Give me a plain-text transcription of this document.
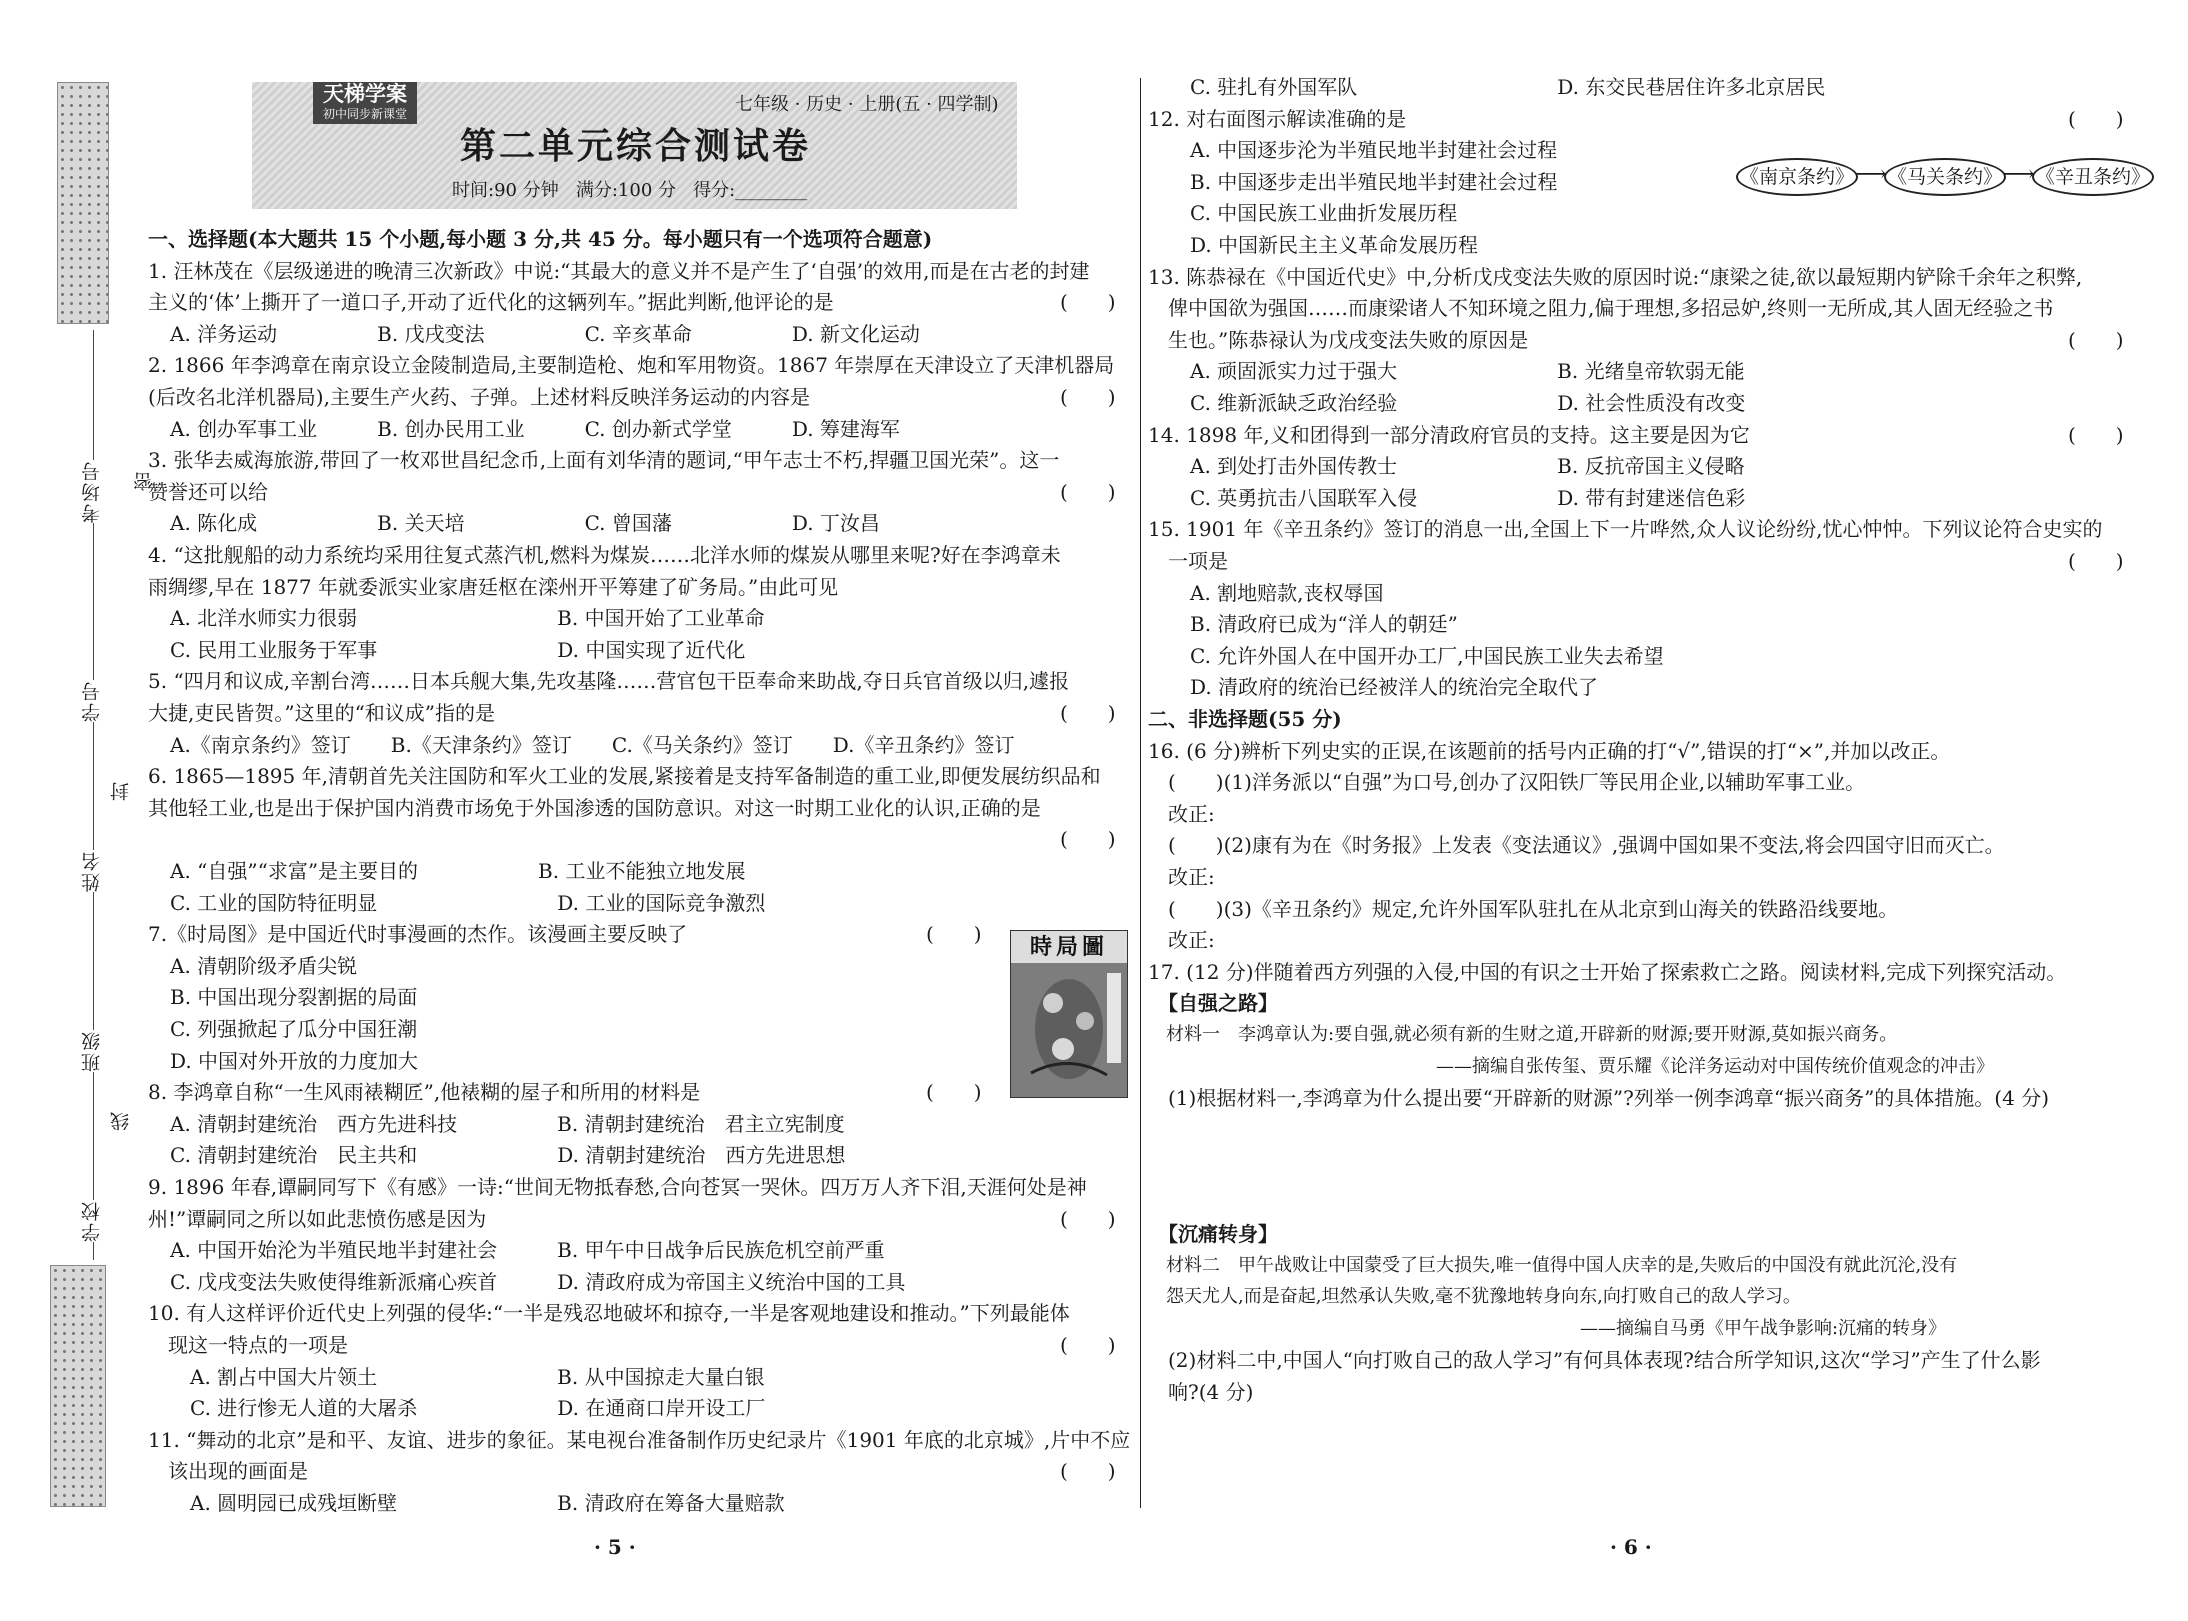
考场号 密
学号
封
姓名
班级
线
学校
天梯学案
初中同步新课堂	七年级 · 历史 · 上册(五 · 四学制)
第二单元综合测试卷
时间:90 分钟   满分:100 分   得分:________
一、选择题(本大题共 15 个小题,每小题 3 分,共 45 分。每小题只有一个选项符合题意)
1. 汪林茂在《层级递进的晚清三次新政》中说:“其最大的意义并不是产生了‘自强’的效用,而是在古老的封建
主义的‘体’上撕开了一道口子,开动了近代化的这辆列车。”据此判断,他评论的是	(　　)
A. 洋务运动　　　　　B. 戊戌变法　　　　　C. 辛亥革命　　　　　D. 新文化运动
2. 1866 年李鸿章在南京设立金陵制造局,主要制造枪、炮和军用物资。1867 年崇厚在天津设立了天津机器局
(后改名北洋机器局),主要生产火药、子弹。上述材料反映洋务运动的内容是	(　　)
A. 创办军事工业　　　B. 创办民用工业　　　C. 创办新式学堂　　　D. 筹建海军
3. 张华去威海旅游,带回了一枚邓世昌纪念币,上面有刘华清的题词,“甲午志士不朽,捍疆卫国光荣”。这一
赞誉还可以给	(　　)
A. 陈化成　　　　　　B. 关天培　　　　　　C. 曾国藩　　　　　　D. 丁汝昌
4. “这批舰船的动力系统均采用往复式蒸汽机,燃料为煤炭……北洋水师的煤炭从哪里来呢?好在李鸿章未
雨绸缪,早在 1877 年就委派实业家唐廷枢在滦州开平筹建了矿务局。”由此可见
A. 北洋水师实力很弱　　　　　　　　　　B. 中国开始了工业革命
C. 民用工业服务于军事　　　　　　　　　D. 中国实现了近代化
5. “四月和议成,辛割台湾……日本兵舰大集,先攻基隆……营官包干臣奉命来助战,夺日兵官首级以归,遽报
大捷,吏民皆贺。”这里的“和议成”指的是	(　　)
A.《南京条约》签订　　B.《天津条约》签订　　C.《马关条约》签订　　D.《辛丑条约》签订
6. 1865—1895 年,清朝首先关注国防和军火工业的发展,紧接着是支持军备制造的重工业,即便发展纺织品和
其他轻工业,也是出于保护国内消费市场免于外国渗透的国防意识。对这一时期工业化的认识,正确的是
(　　)
A. “自强”“求富”是主要目的　　　　　　B. 工业不能独立地发展
C. 工业的国防特征明显　　　　　　　　　D. 工业的国际竞争激烈
7.《时局图》是中国近代时事漫画的杰作。该漫画主要反映了	(　　)
A. 清朝阶级矛盾尖锐
B. 中国出现分裂割据的局面
C. 列强掀起了瓜分中国狂潮
D. 中国对外开放的力度加大
8. 李鸿章自称“一生风雨裱糊匠”,他裱糊的屋子和所用的材料是	(　　)
A. 清朝封建统治　西方先进科技　　　　　B. 清朝封建统治　君主立宪制度
C. 清朝封建统治　民主共和　　　　　　　D. 清朝封建统治　西方先进思想
9. 1896 年春,谭嗣同写下《有感》一诗:“世间无物抵春愁,合向苍冥一哭休。四万万人齐下泪,天涯何处是神
州!”谭嗣同之所以如此悲愤伤感是因为	(　　)
A. 中国开始沦为半殖民地半封建社会　　　B. 甲午中日战争后民族危机空前严重
C. 戊戌变法失败使得维新派痛心疾首　　　D. 清政府成为帝国主义统治中国的工具
10. 有人这样评价近代史上列强的侵华:“一半是残忍地破坏和掠夺,一半是客观地建设和推动。”下列最能体
　现这一特点的一项是	(　　)
　A. 割占中国大片领土　　　　　　　　　B. 从中国掠走大量白银
　C. 进行惨无人道的大屠杀　　　　　　　D. 在通商口岸开设工厂
11. “舞动的北京”是和平、友谊、进步的象征。某电视台准备制作历史纪录片《1901 年底的北京城》,片中不应
　该出现的画面是	(　　)
　A. 圆明园已成残垣断壁　　　　　　　　B. 清政府在筹备大量赔款
時局圖
　C. 驻扎有外国军队　　　　　　　　　　D. 东交民巷居住许多北京居民
12. 对右面图示解读准确的是	(　　)
　A. 中国逐步沦为半殖民地半封建社会过程
　B. 中国逐步走出半殖民地半封建社会过程
　C. 中国民族工业曲折发展历程
　D. 中国新民主主义革命发展历程
13. 陈恭禄在《中国近代史》中,分析戊戌变法失败的原因时说:“康梁之徒,欲以最短期内铲除千余年之积弊,
　俾中国欲为强国……而康梁诸人不知环境之阻力,偏于理想,多招忌妒,终则一无所成,其人固无经验之书
　生也。”陈恭禄认为戊戌变法失败的原因是	(　　)
　A. 顽固派实力过于强大　　　　　　　　B. 光绪皇帝软弱无能
　C. 维新派缺乏政治经验　　　　　　　　D. 社会性质没有改变
14. 1898 年,义和团得到一部分清政府官员的支持。这主要是因为它	(　　)
　A. 到处打击外国传教士　　　　　　　　B. 反抗帝国主义侵略
　C. 英勇抗击八国联军入侵　　　　　　　D. 带有封建迷信色彩
15. 1901 年《辛丑条约》签订的消息一出,全国上下一片哗然,众人议论纷纷,忧心忡忡。下列议论符合史实的
　一项是	(　　)
　A. 割地赔款,丧权辱国
　B. 清政府已成为“洋人的朝廷”
　C. 允许外国人在中国开办工厂,中国民族工业失去希望
　D. 清政府的统治已经被洋人的统治完全取代了
二、非选择题(55 分)
16. (6 分)辨析下列史实的正误,在该题前的括号内正确的打“√”,错误的打“×”,并加以改正。
　(　　)(1)洋务派以“自强”为口号,创办了汉阳铁厂等民用企业,以辅助军事工业。
　改正:
　(　　)(2)康有为在《时务报》上发表《变法通议》,强调中国如果不变法,将会四国守旧而灭亡。
　改正:
　(　　)(3)《辛丑条约》规定,允许外国军队驻扎在从北京到山海关的铁路沿线要地。
　改正:
17. (12 分)伴随着西方列强的入侵,中国的有识之士开始了探索救亡之路。阅读材料,完成下列探究活动。
　【自强之路】
　材料一　李鸿章认为:要自强,就必须有新的生财之道,开辟新的财源;要开财源,莫如振兴商务。
　　　　　　　　　　　　　　　　——摘编自张传玺、贾乐耀《论洋务运动对中国传统价值观念的冲击》
　(1)根据材料一,李鸿章为什么提出要“开辟新的财源”?列举一例李鸿章“振兴商务”的具体措施。(4 分)
　【沉痛转身】
　材料二　甲午战败让中国蒙受了巨大损失,唯一值得中国人庆幸的是,失败后的中国没有就此沉沦,没有
　怨天尤人,而是奋起,坦然承认失败,毫不犹豫地转身向东,向打败自己的敌人学习。
　　　　　　　　　　　　　　　　　　　　　　　　——摘编自马勇《甲午战争影响:沉痛的转身》
　(2)材料二中,中国人“向打败自己的敌人学习”有何具体表现?结合所学知识,这次“学习”产生了什么影
　响?(4 分)
《南京条约》 ⟶ 《马关条约》 ⟶ 《辛丑条约》
· 5 ·	· 6 ·
